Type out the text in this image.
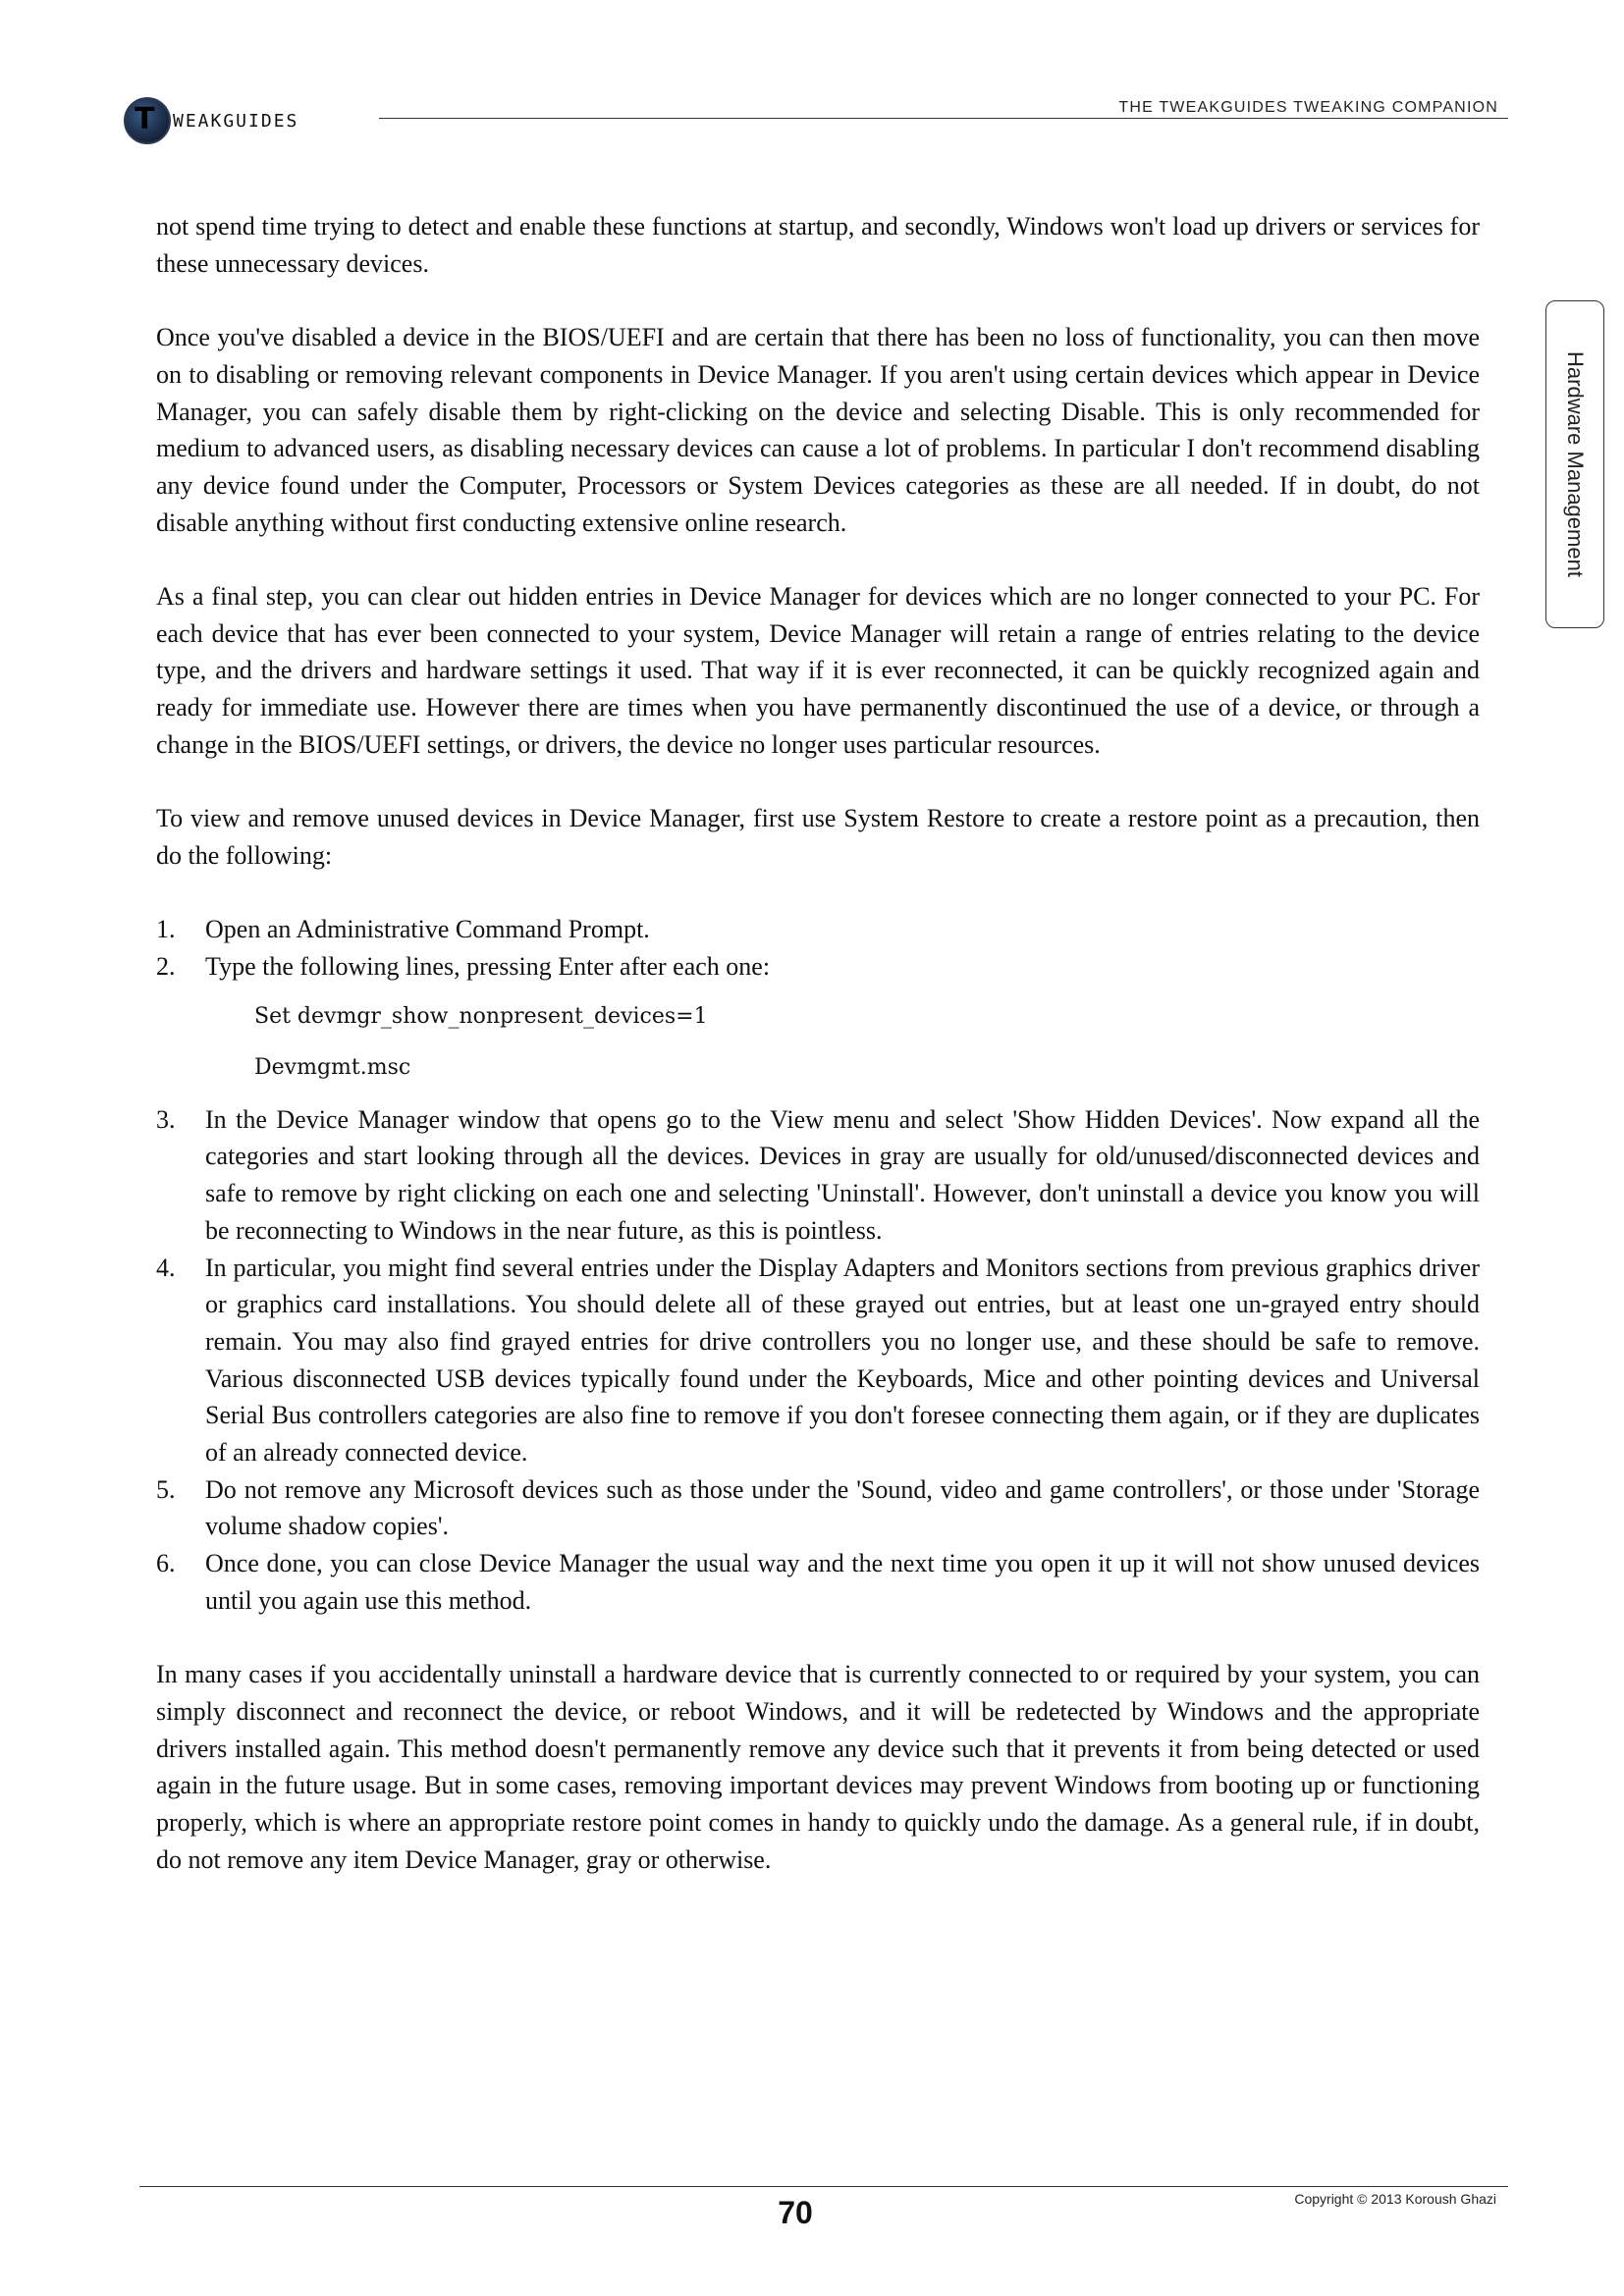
T WEAKGUIDES
THE TWEAKGUIDES TWEAKING COMPANION
Hardware Management

not spend time trying to detect and enable these functions at startup, and secondly, Windows won't load up drivers or services for these unnecessary devices.

Once you've disabled a device in the BIOS/UEFI and are certain that there has been no loss of functionality, you can then move on to disabling or removing relevant components in Device Manager. If you aren't using certain devices which appear in Device Manager, you can safely disable them by right-clicking on the device and selecting Disable. This is only recommended for medium to advanced users, as disabling necessary devices can cause a lot of problems. In particular I don't recommend disabling any device found under the Computer, Processors or System Devices categories as these are all needed. If in doubt, do not disable anything without first conducting extensive online research.

As a final step, you can clear out hidden entries in Device Manager for devices which are no longer connected to your PC. For each device that has ever been connected to your system, Device Manager will retain a range of entries relating to the device type, and the drivers and hardware settings it used. That way if it is ever reconnected, it can be quickly recognized again and ready for immediate use. However there are times when you have permanently discontinued the use of a device, or through a change in the BIOS/UEFI settings, or drivers, the device no longer uses particular resources.

To view and remove unused devices in Device Manager, first use System Restore to create a restore point as a precaution, then do the following:

1. Open an Administrative Command Prompt.
2. Type the following lines, pressing Enter after each one:
Set devmgr_show_nonpresent_devices=1
Devmgmt.msc
3. In the Device Manager window that opens go to the View menu and select 'Show Hidden Devices'. Now expand all the categories and start looking through all the devices. Devices in gray are usually for old/unused/disconnected devices and safe to remove by right clicking on each one and selecting 'Uninstall'. However, don't uninstall a device you know you will be reconnecting to Windows in the near future, as this is pointless.
4. In particular, you might find several entries under the Display Adapters and Monitors sections from previous graphics driver or graphics card installations. You should delete all of these grayed out entries, but at least one un-grayed entry should remain. You may also find grayed entries for drive controllers you no longer use, and these should be safe to remove. Various disconnected USB devices typically found under the Keyboards, Mice and other pointing devices and Universal Serial Bus controllers categories are also fine to remove if you don't foresee connecting them again, or if they are duplicates of an already connected device.
5. Do not remove any Microsoft devices such as those under the 'Sound, video and game controllers', or those under 'Storage volume shadow copies'.
6. Once done, you can close Device Manager the usual way and the next time you open it up it will not show unused devices until you again use this method.

In many cases if you accidentally uninstall a hardware device that is currently connected to or required by your system, you can simply disconnect and reconnect the device, or reboot Windows, and it will be redetected by Windows and the appropriate drivers installed again. This method doesn't permanently remove any device such that it prevents it from being detected or used again in the future usage. But in some cases, removing important devices may prevent Windows from booting up or functioning properly, which is where an appropriate restore point comes in handy to quickly undo the damage. As a general rule, if in doubt, do not remove any item Device Manager, gray or otherwise.

70	Copyright © 2013 Koroush Ghazi
